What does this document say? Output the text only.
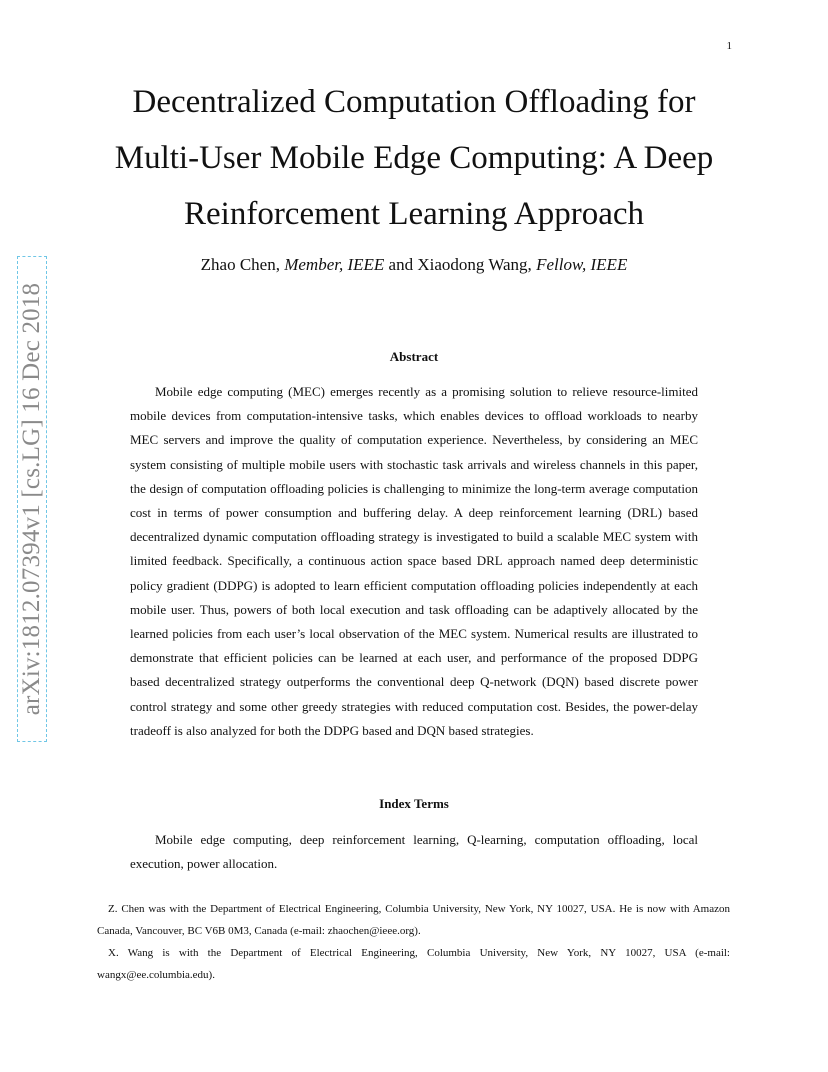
1
arXiv:1812.07394v1 [cs.LG] 16 Dec 2018
Decentralized Computation Offloading for
Multi-User Mobile Edge Computing: A Deep
Reinforcement Learning Approach
Zhao Chen, Member, IEEE and Xiaodong Wang, Fellow, IEEE
Abstract

Mobile edge computing (MEC) emerges recently as a promising solution to relieve resource-limited mobile devices from computation-intensive tasks, which enables devices to offload workloads to nearby MEC servers and improve the quality of computation experience. Nevertheless, by considering an MEC system consisting of multiple mobile users with stochastic task arrivals and wireless channels in this paper, the design of computation offloading policies is challenging to minimize the long-term average computation cost in terms of power consumption and buffering delay. A deep reinforcement learning (DRL) based decentralized dynamic computation offloading strategy is investigated to build a scalable MEC system with limited feedback. Specifically, a continuous action space based DRL approach named deep deterministic policy gradient (DDPG) is adopted to learn efficient computation offloading policies independently at each mobile user. Thus, powers of both local execution and task offloading can be adaptively allocated by the learned policies from each user’s local observation of the MEC system. Numerical results are illustrated to demonstrate that efficient policies can be learned at each user, and performance of the proposed DDPG based decentralized strategy outperforms the conventional deep Q-network (DQN) based discrete power control strategy and some other greedy strategies with reduced computation cost. Besides, the power-delay tradeoff is also analyzed for both the DDPG based and DQN based strategies.

Index Terms

Mobile edge computing, deep reinforcement learning, Q-learning, computation offloading, local execution, power allocation.

Z. Chen was with the Department of Electrical Engineering, Columbia University, New York, NY 10027, USA. He is now with Amazon Canada, Vancouver, BC V6B 0M3, Canada (e-mail: zhaochen@ieee.org).

X. Wang is with the Department of Electrical Engineering, Columbia University, New York, NY 10027, USA (e-mail: wangx@ee.columbia.edu).
